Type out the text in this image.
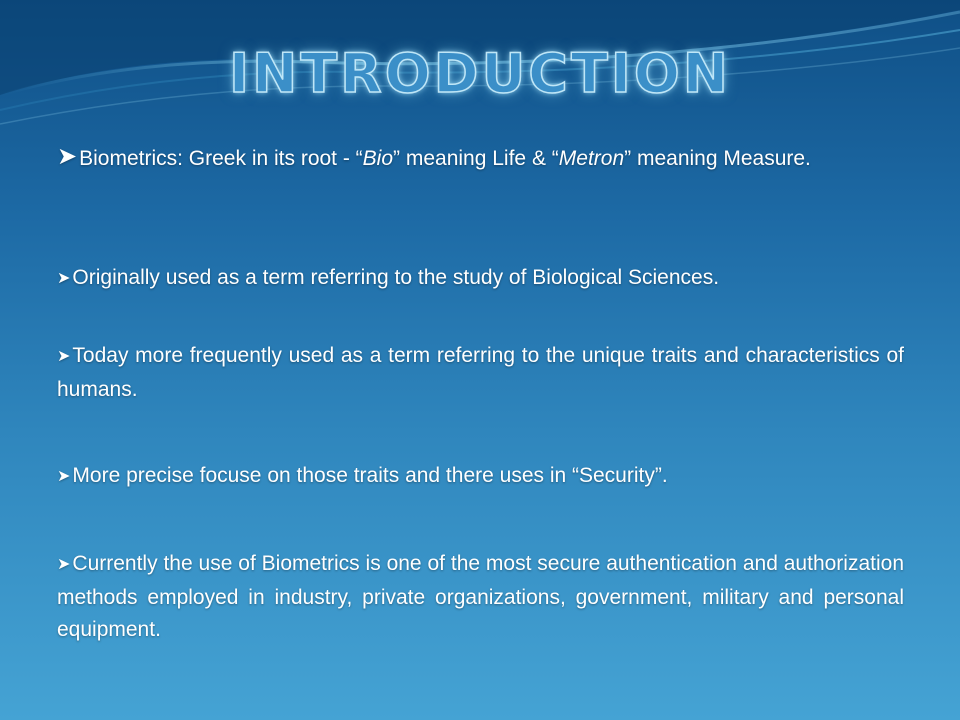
INTRODUCTION
➤Biometrics: Greek in its root - “Bio” meaning Life & “Metron” meaning Measure.
➤Originally used as a term referring to the study of Biological Sciences.
➤Today more frequently used as a term referring to the unique traits and characteristics of humans.
➤More precise focuse on those traits and there uses in “Security”.
➤Currently the use of Biometrics is one of the most secure authentication and authorization methods employed in industry, private organizations, government, military and personal equipment.
